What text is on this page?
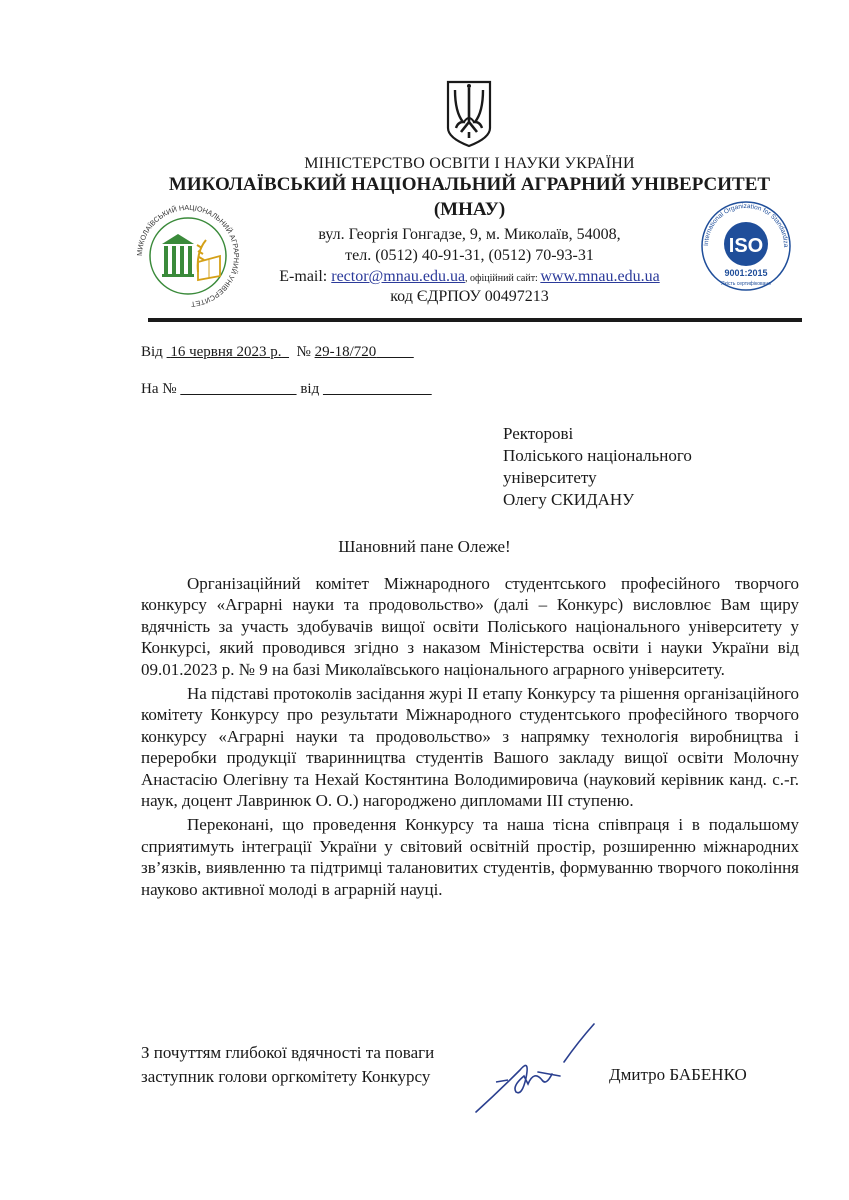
МІНІСТЕРСТВО ОСВІТИ І НАУКИ УКРАЇНИ
МИКОЛАЇВСЬКИЙ НАЦІОНАЛЬНИЙ АГРАРНИЙ УНІВЕРСИТЕТ
(МНАУ)
вул. Георгія Гонгадзе, 9, м. Миколаїв, 54008,
тел. (0512) 40-91-31, (0512) 70-93-31
E-mail: rector@mnau.edu.ua, офіційний сайт: www.mnau.edu.ua
код ЄДРПОУ 00497213
МИКОЛАЇВСЬКИЙ НАЦІОНАЛЬНИЙ АГРАРНИЙ УНІВЕРСИТЕТ
International Organization for Standardiza
ISO
9001:2015
Якість сертифіковано
Від 16 червня 2023 р. № 29-18/720
На №	від
Ректорові
Поліського національного
університету
Олегу СКИДАНУ
Шановний пане Олеже!

Організаційний комітет Міжнародного студентського професійного творчого конкурсу «Аграрні науки та продовольство» (далі – Конкурс) висловлює Вам щиру вдячність за участь здобувачів вищої освіти Поліського національного університету у Конкурсі, який проводився згідно з наказом Міністерства освіти і науки України від 09.01.2023 р. № 9 на базі Миколаївського національного аграрного університету.

На підставі протоколів засідання журі ІІ етапу Конкурсу та рішення організаційного комітету Конкурсу про результати Міжнародного студентського професійного творчого конкурсу «Аграрні науки та продовольство» з напрямку технологія виробництва і переробки продукції тваринництва студентів Вашого закладу вищої освіти Молочну Анастасію Олегівну та Нехай Костянтина Володимировича (науковий керівник канд. с.-г. наук, доцент Лавринюк О. О.) нагороджено дипломами ІІІ ступеню.

Переконані, що проведення Конкурсу та наша тісна співпраця і в подальшому сприятимуть інтеграції України у світовий освітній простір, розширенню міжнародних зв’язків, виявленню та підтримці талановитих студентів, формуванню творчого покоління науково активної молоді в аграрній науці.

З почуттям глибокої вдячності та поваги
заступник голови оргкомітету Конкурсу	Дмитро БАБЕНКО
